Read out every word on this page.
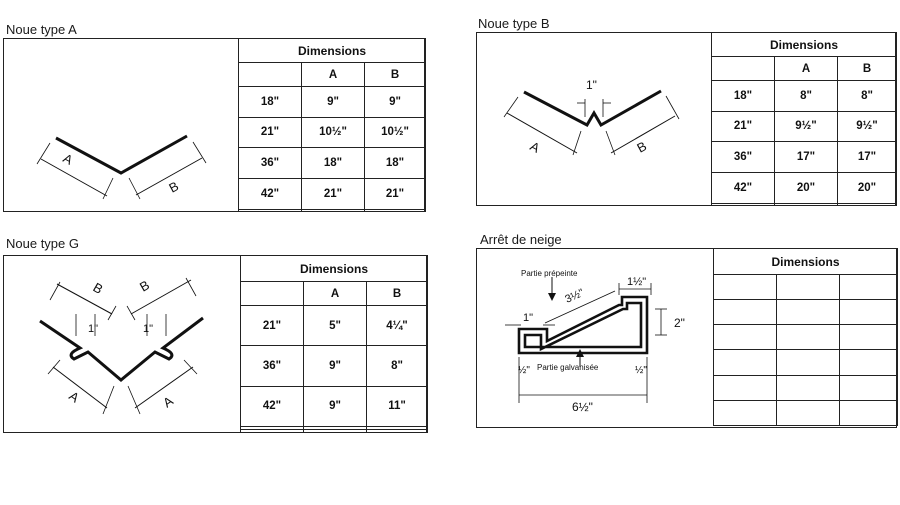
Noue type A
A
B
Dimensions		
	A	B
18"	9"	9"
21"	10½"	10½"
36"	18"	18"
42"	21"	21"

Noue type B
1"
A	B
Dimensions		
	A	B
18"	8"	8"
21"	9½"	9½"
36"	17"	17"
42"	20"	20"

Noue type G
B B
1"	1"
A	A
Dimensions		
	A	B
21"	5"	4¼"
36"	9"	8"
42"	9"	11"

Arrêt de neige
Partie prépeinte
Partie galvanisée
1½"
3½"
2"
1"
½"	½"
6½"
Dimensions		
